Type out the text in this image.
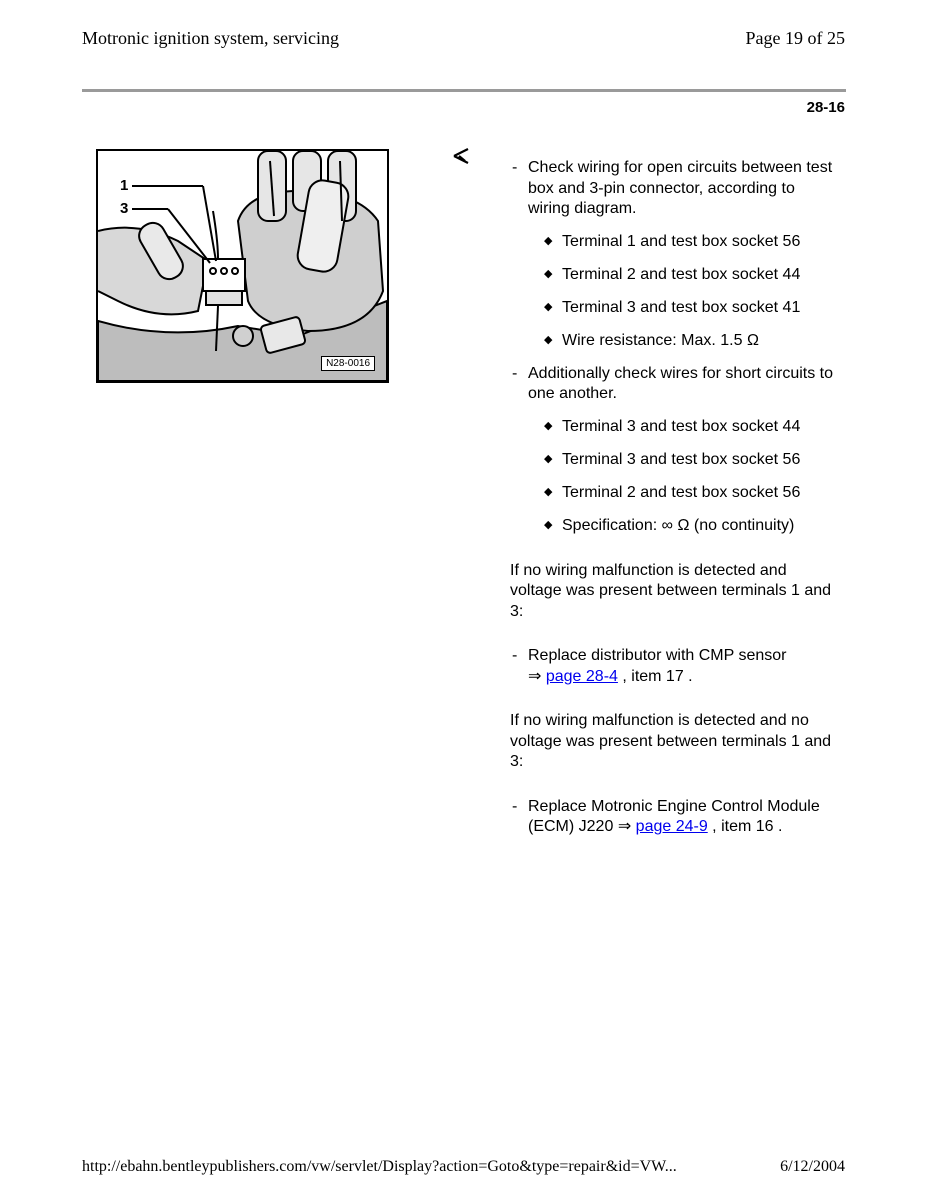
Motronic ignition system, servicing	Page 19 of 25
28-16
1
3
N28-0016
- Check wiring for open circuits between test box and 3-pin connector, according to wiring diagram.
◆ Terminal 1 and test box socket 56
◆ Terminal 2 and test box socket 44
◆ Terminal 3 and test box socket 41
◆ Wire resistance: Max. 1.5 Ω
- Additionally check wires for short circuits to one another.
◆ Terminal 3 and test box socket 44
◆ Terminal 3 and test box socket 56
◆ Terminal 2 and test box socket 56
◆ Specification: ∞ Ω (no continuity)
If no wiring malfunction is detected and voltage was present between terminals 1 and 3:
- Replace distributor with CMP sensor
⇒ page 28-4 , item 17 .
If no wiring malfunction is detected and no voltage was present between terminals 1 and 3:
- Replace Motronic Engine Control Module (ECM) J220 ⇒ page 24-9 , item 16 .
http://ebahn.bentleypublishers.com/vw/servlet/Display?action=Goto&type=repair&id=VW...	6/12/2004
